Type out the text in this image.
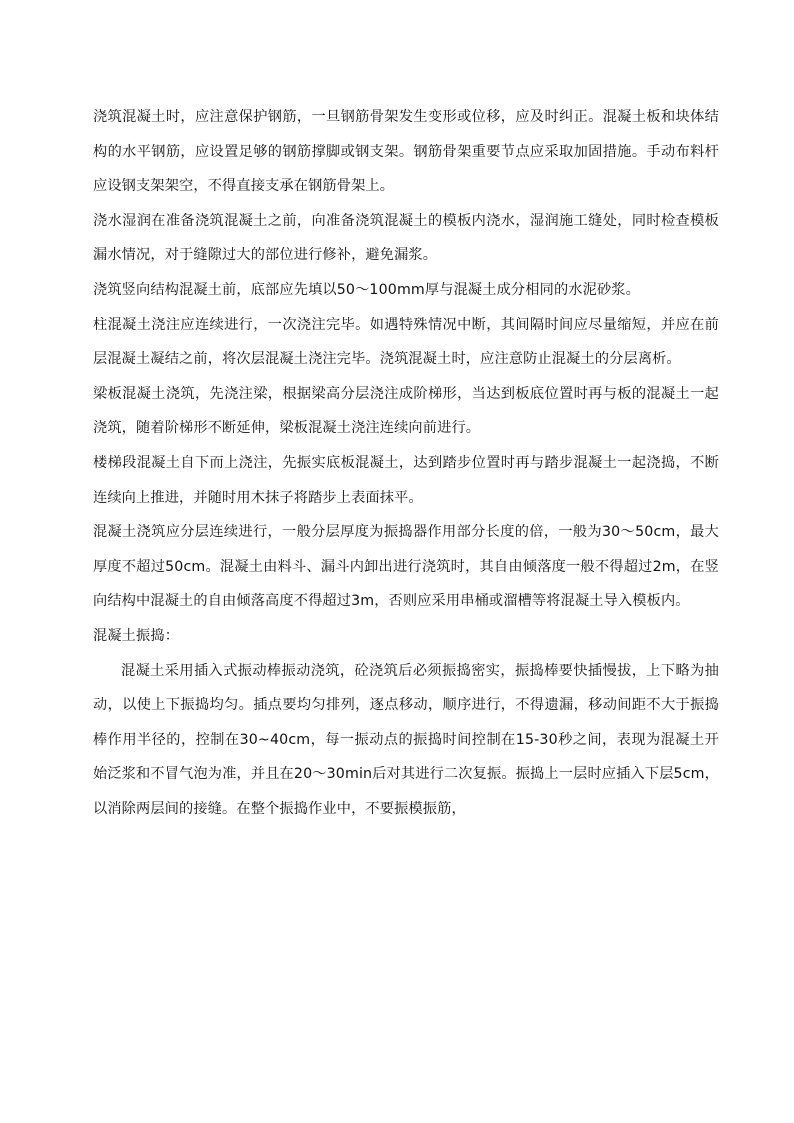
浇筑混凝土时，应注意保护钢筋，一旦钢筋骨架发生变形或位移，应及时纠正。混凝土板和块体结构的水平钢筋，应设置足够的钢筋撑脚或钢支架。钢筋骨架重要节点应采取加固措施。手动布料杆应设钢支架架空，不得直接支承在钢筋骨架上。

浇水湿润在准备浇筑混凝土之前，向准备浇筑混凝土的模板内浇水，湿润施工缝处，同时检查模板漏水情况，对于缝隙过大的部位进行修补，避免漏浆。

浇筑竖向结构混凝土前，底部应先填以50～100mm厚与混凝土成分相同的水泥砂浆。

柱混凝土浇注应连续进行，一次浇注完毕。如遇特殊情况中断，其间隔时间应尽量缩短，并应在前层混凝土凝结之前，将次层混凝土浇注完毕。浇筑混凝土时，应注意防止混凝土的分层离析。

梁板混凝土浇筑，先浇注梁，根据梁高分层浇注成阶梯形，当达到板底位置时再与板的混凝土一起浇筑，随着阶梯形不断延伸，梁板混凝土浇注连续向前进行。

楼梯段混凝土自下而上浇注，先振实底板混凝土，达到踏步位置时再与踏步混凝土一起浇捣，不断连续向上推进，并随时用木抹子将踏步上表面抹平。

混凝土浇筑应分层连续进行，一般分层厚度为振捣器作用部分长度的倍，一般为30～50cm，最大厚度不超过50cm。混凝土由料斗、漏斗内卸出进行浇筑时，其自由倾落度一般不得超过2m，在竖向结构中混凝土的自由倾落高度不得超过3m，否则应采用串桶或溜槽等将混凝土导入模板内。

混凝土振捣：

混凝土采用插入式振动棒振动浇筑，砼浇筑后必须振捣密实，振捣棒要快插慢拔，上下略为抽动，以使上下振捣均匀。插点要均匀排列，逐点移动，顺序进行，不得遗漏，移动间距不大于振捣棒作用半径的，控制在30~40cm，每一振动点的振捣时间控制在15-30秒之间，表现为混凝土开始泛浆和不冒气泡为准，并且在20～30min后对其进行二次复振。振捣上一层时应插入下层5cm，以消除两层间的接缝。在整个振捣作业中，不要振模振筋，
